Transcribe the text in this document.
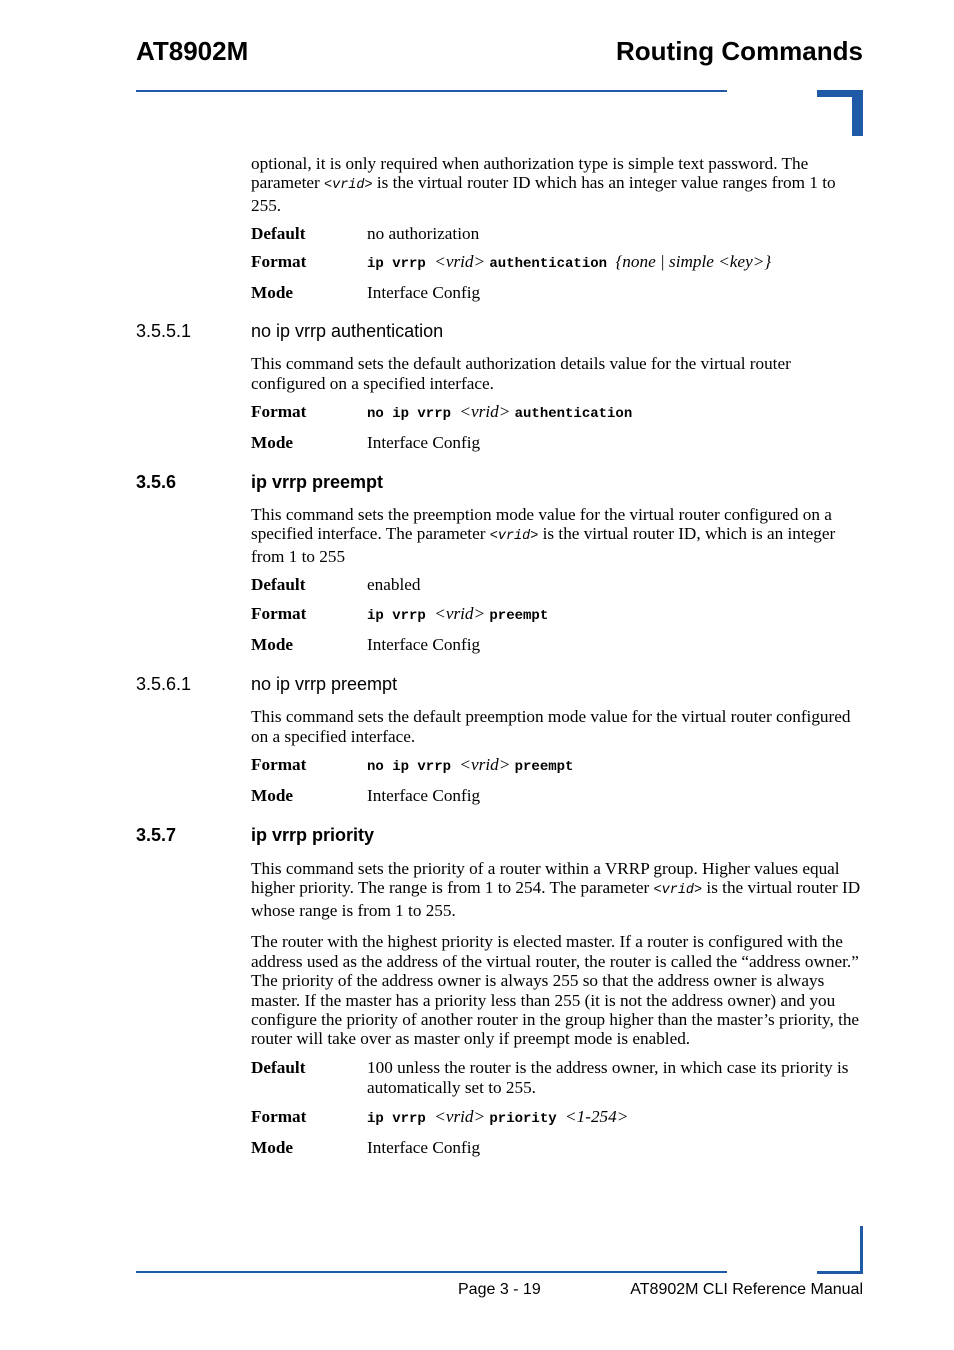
AT8902M	Routing Commands

optional, it is only required when authorization type is simple text password. The parameter <vrid> is the virtual router ID which has an integer value ranges from 1 to 255.

Default	no authorization
Format	ip vrrp <vrid> authentication {none | simple <key>}
Mode	Interface Config
3.5.5.1	no ip vrrp authentication

This command sets the default authorization details value for the virtual router configured on a specified interface.

Format	no ip vrrp <vrid> authentication
Mode	Interface Config
3.5.6	ip vrrp preempt

This command sets the preemption mode value for the virtual router configured on a specified interface. The parameter <vrid> is the virtual router ID, which is an integer from 1 to 255

Default	enabled
Format	ip vrrp <vrid> preempt
Mode	Interface Config
3.5.6.1	no ip vrrp preempt

This command sets the default preemption mode value for the virtual router configured on a specified interface.

Format	no ip vrrp <vrid> preempt
Mode	Interface Config
3.5.7	ip vrrp priority

This command sets the priority of a router within a VRRP group. Higher values equal higher priority. The range is from 1 to 254. The parameter <vrid> is the virtual router ID whose range is from 1 to 255.

The router with the highest priority is elected master. If a router is configured with the address used as the address of the virtual router, the router is called the “address owner.” The priority of the address owner is always 255 so that the address owner is always master. If the master has a priority less than 255 (it is not the address owner) and you configure the priority of another router in the group higher than the master’s priority, the router will take over as master only if preempt mode is enabled.

Default	100 unless the router is the address owner, in which case its priority is automatically set to 255.
Format	ip vrrp <vrid> priority <1-254>
Mode	Interface Config
Page 3 - 19	AT8902M CLI Reference Manual
